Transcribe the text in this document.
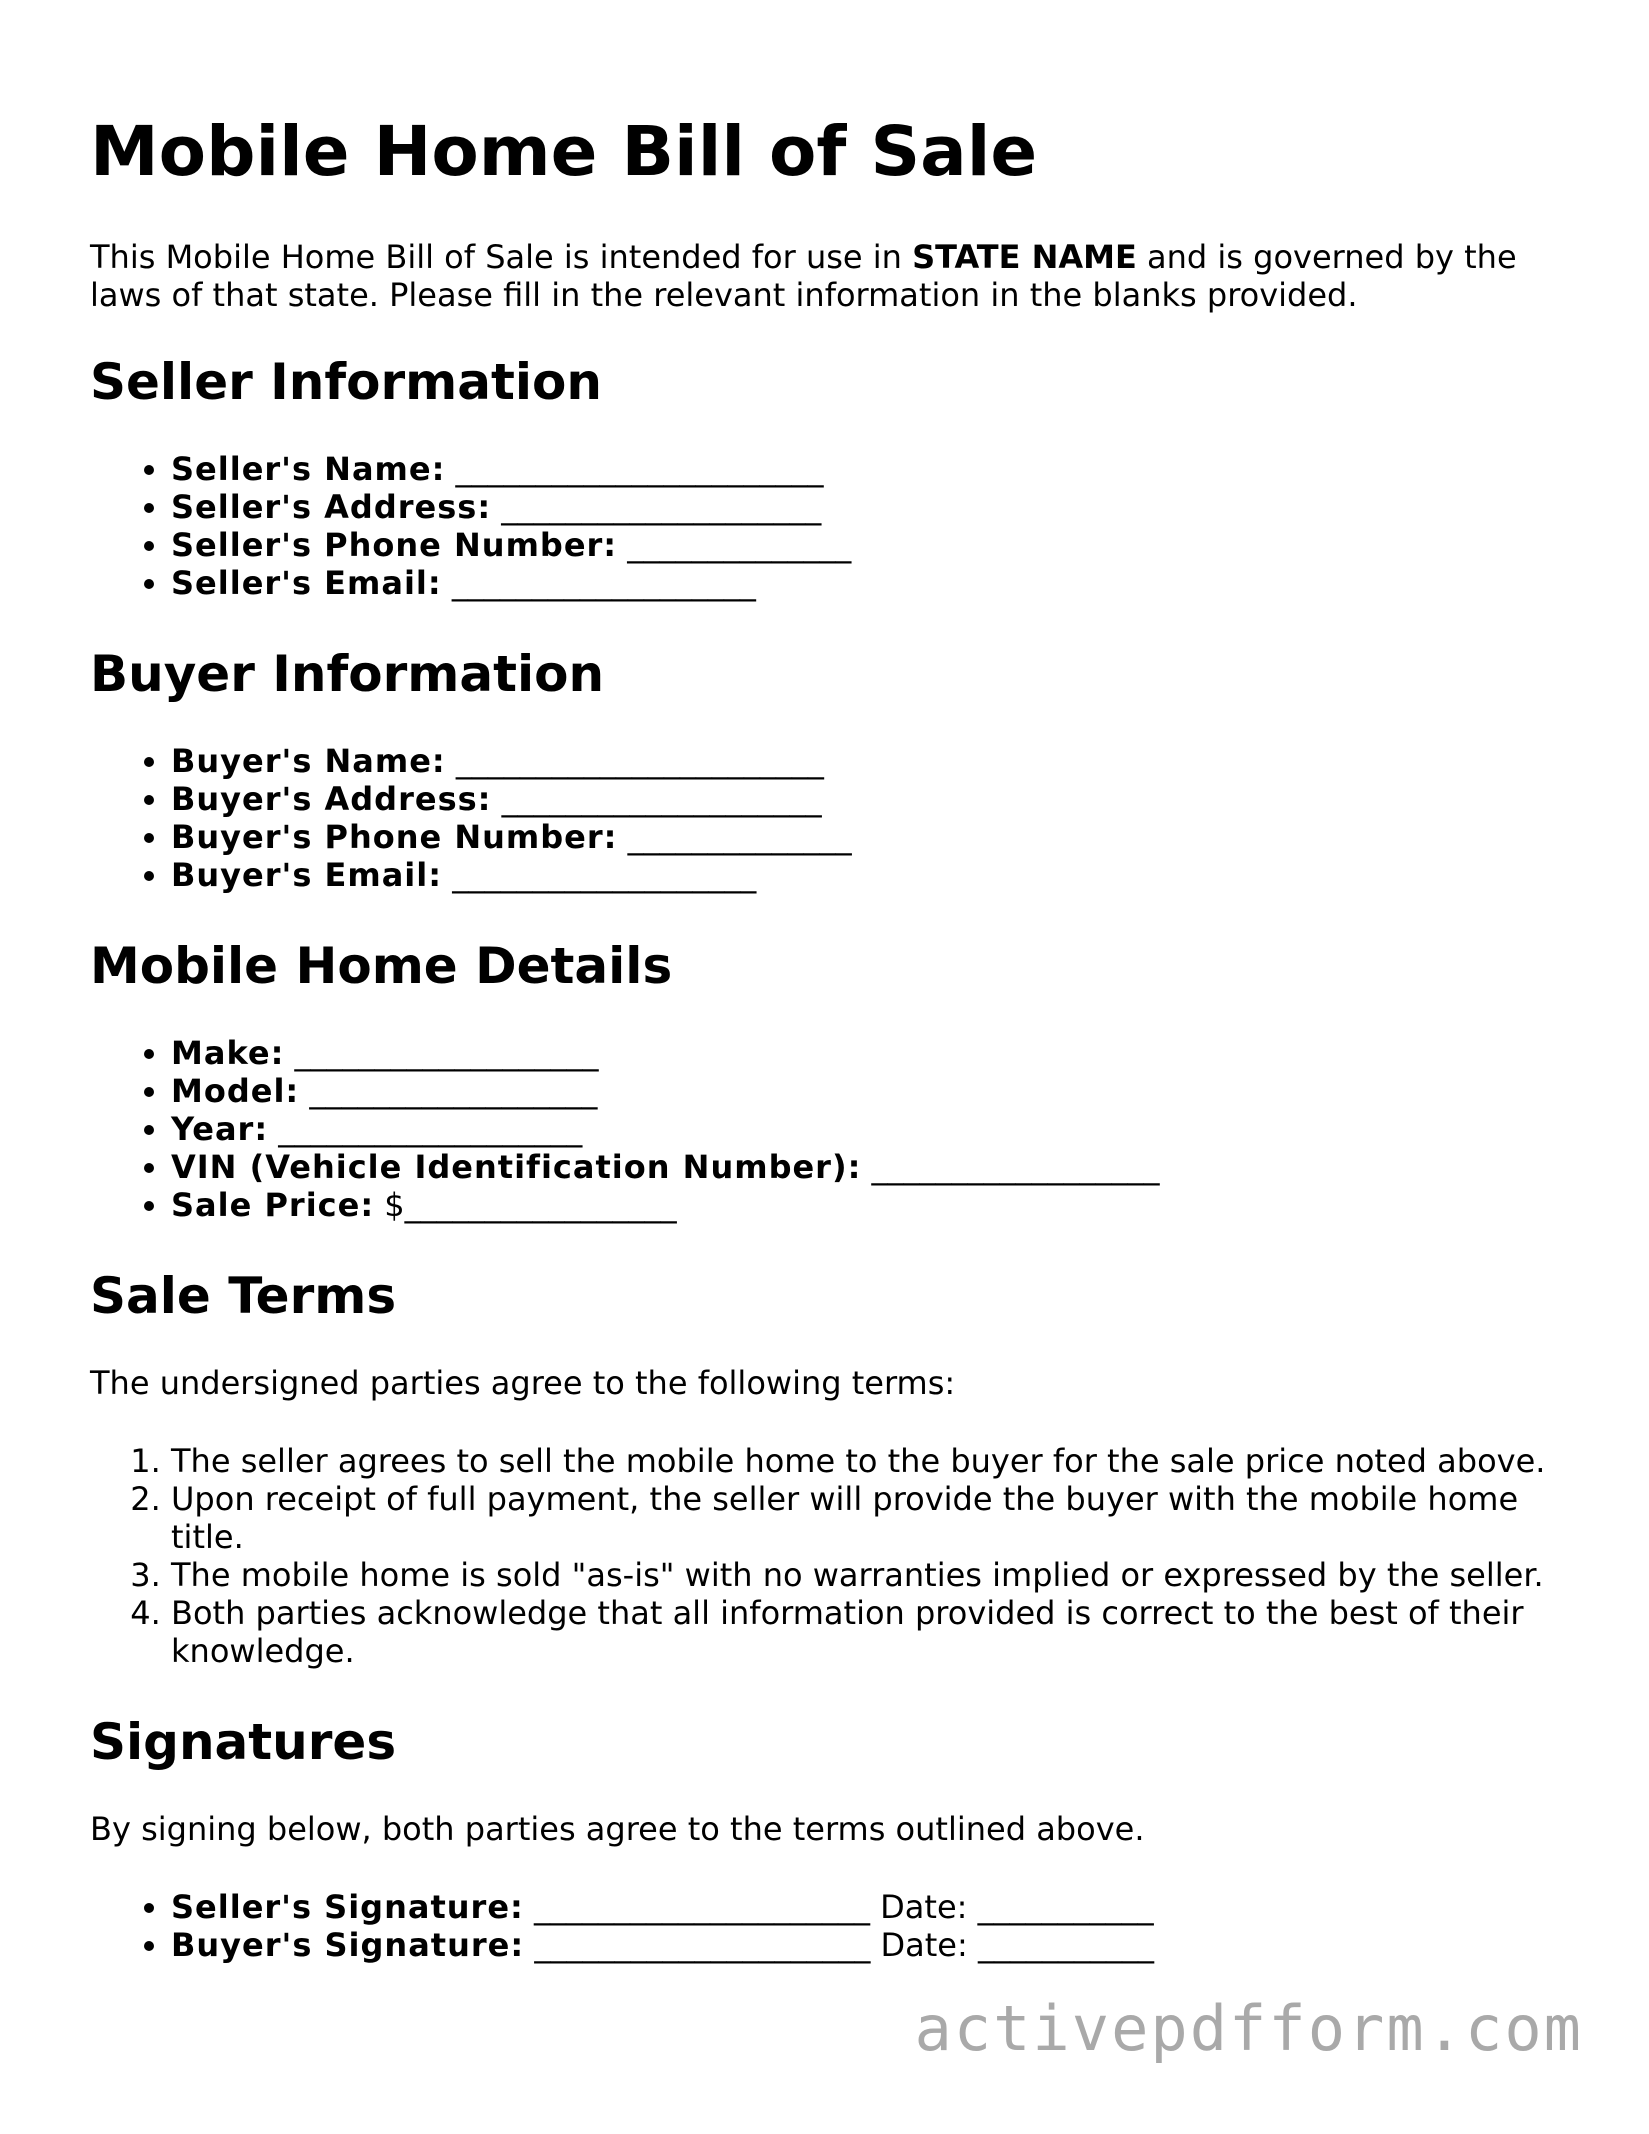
Mobile Home Bill of Sale

This Mobile Home Bill of Sale is intended for use in STATE NAME and is governed by the laws of that state. Please fill in the relevant information in the blanks provided.

Seller Information
• Seller's Name: _______________________
• Seller's Address: ____________________
• Seller's Phone Number: ______________
• Seller's Email: ___________________
Buyer Information
• Buyer's Name: _______________________
• Buyer's Address: ____________________
• Buyer's Phone Number: ______________
• Buyer's Email: ___________________
Mobile Home Details
• Make: ___________________
• Model: __________________
• Year: ___________________
• VIN (Vehicle Identification Number): __________________
• Sale Price: $_________________
Sale Terms

The undersigned parties agree to the following terms:

1. The seller agrees to sell the mobile home to the buyer for the sale price noted above.
2. Upon receipt of full payment, the seller will provide the buyer with the mobile home title.
3. The mobile home is sold "as-is" with no warranties implied or expressed by the seller.
4. Both parties acknowledge that all information provided is correct to the best of their knowledge.
Signatures

By signing below, both parties agree to the terms outlined above.

• Seller's Signature: _____________________ Date: ___________
• Buyer's Signature: _____________________ Date: ___________
activepdfform.com
